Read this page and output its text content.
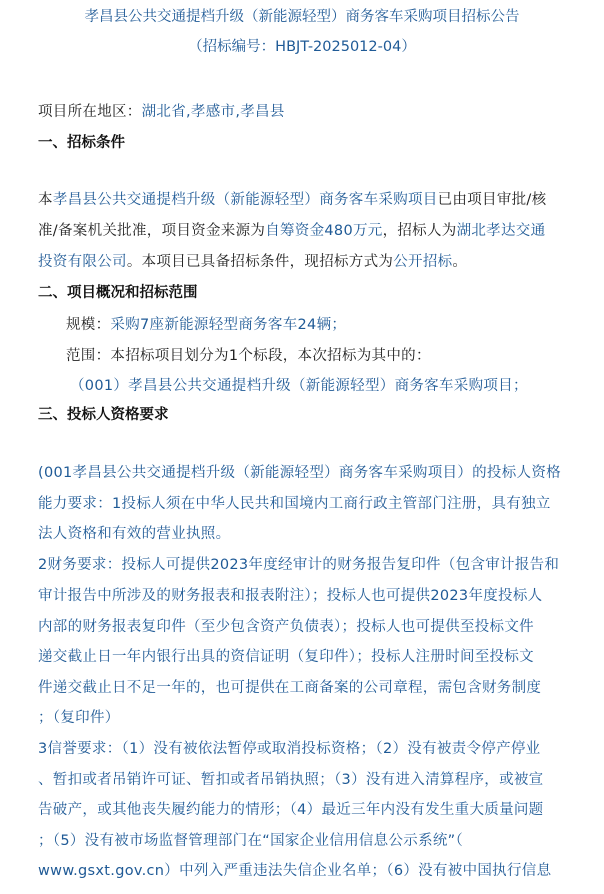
孝昌县公共交通提档升级（新能源轻型）商务客车采购项目招标公告
（招标编号：HBJT-2025012-04）
项目所在地区：湖北省,孝感市,孝昌县
一、招标条件
本孝昌县公共交通提档升级（新能源轻型）商务客车采购项目已由项目审批/核
准/备案机关批准，项目资金来源为自筹资金480万元，招标人为湖北孝达交通
投资有限公司。本项目已具备招标条件，现招标方式为公开招标。
二、项目概况和招标范围
规模：采购7座新能源轻型商务客车24辆；
范围：本招标项目划分为1个标段，本次招标为其中的：
（001）孝昌县公共交通提档升级（新能源轻型）商务客车采购项目；
三、投标人资格要求
(001孝昌县公共交通提档升级（新能源轻型）商务客车采购项目）的投标人资格
能力要求：1投标人须在中华人民共和国境内工商行政主管部门注册，具有独立
法人资格和有效的营业执照。
2财务要求：投标人可提供2023年度经审计的财务报告复印件（包含审计报告和
审计报告中所涉及的财务报表和报表附注）；投标人也可提供2023年度投标人
内部的财务报表复印件（至少包含资产负债表）；投标人也可提供至投标文件
递交截止日一年内银行出具的资信证明（复印件）；投标人注册时间至投标文
件递交截止日不足一年的，也可提供在工商备案的公司章程，需包含财务制度
；（复印件）
3信誉要求：（1）没有被依法暂停或取消投标资格；（2）没有被责令停产停业
、暂扣或者吊销许可证、暂扣或者吊销执照；（3）没有进入清算程序，或被宣
告破产，或其他丧失履约能力的情形；（4）最近三年内没有发生重大质量问题
；（5）没有被市场监督管理部门在“国家企业信用信息公示系统”（
www.gsxt.gov.cn）中列入严重违法失信企业名单；（6）没有被中国执行信息
